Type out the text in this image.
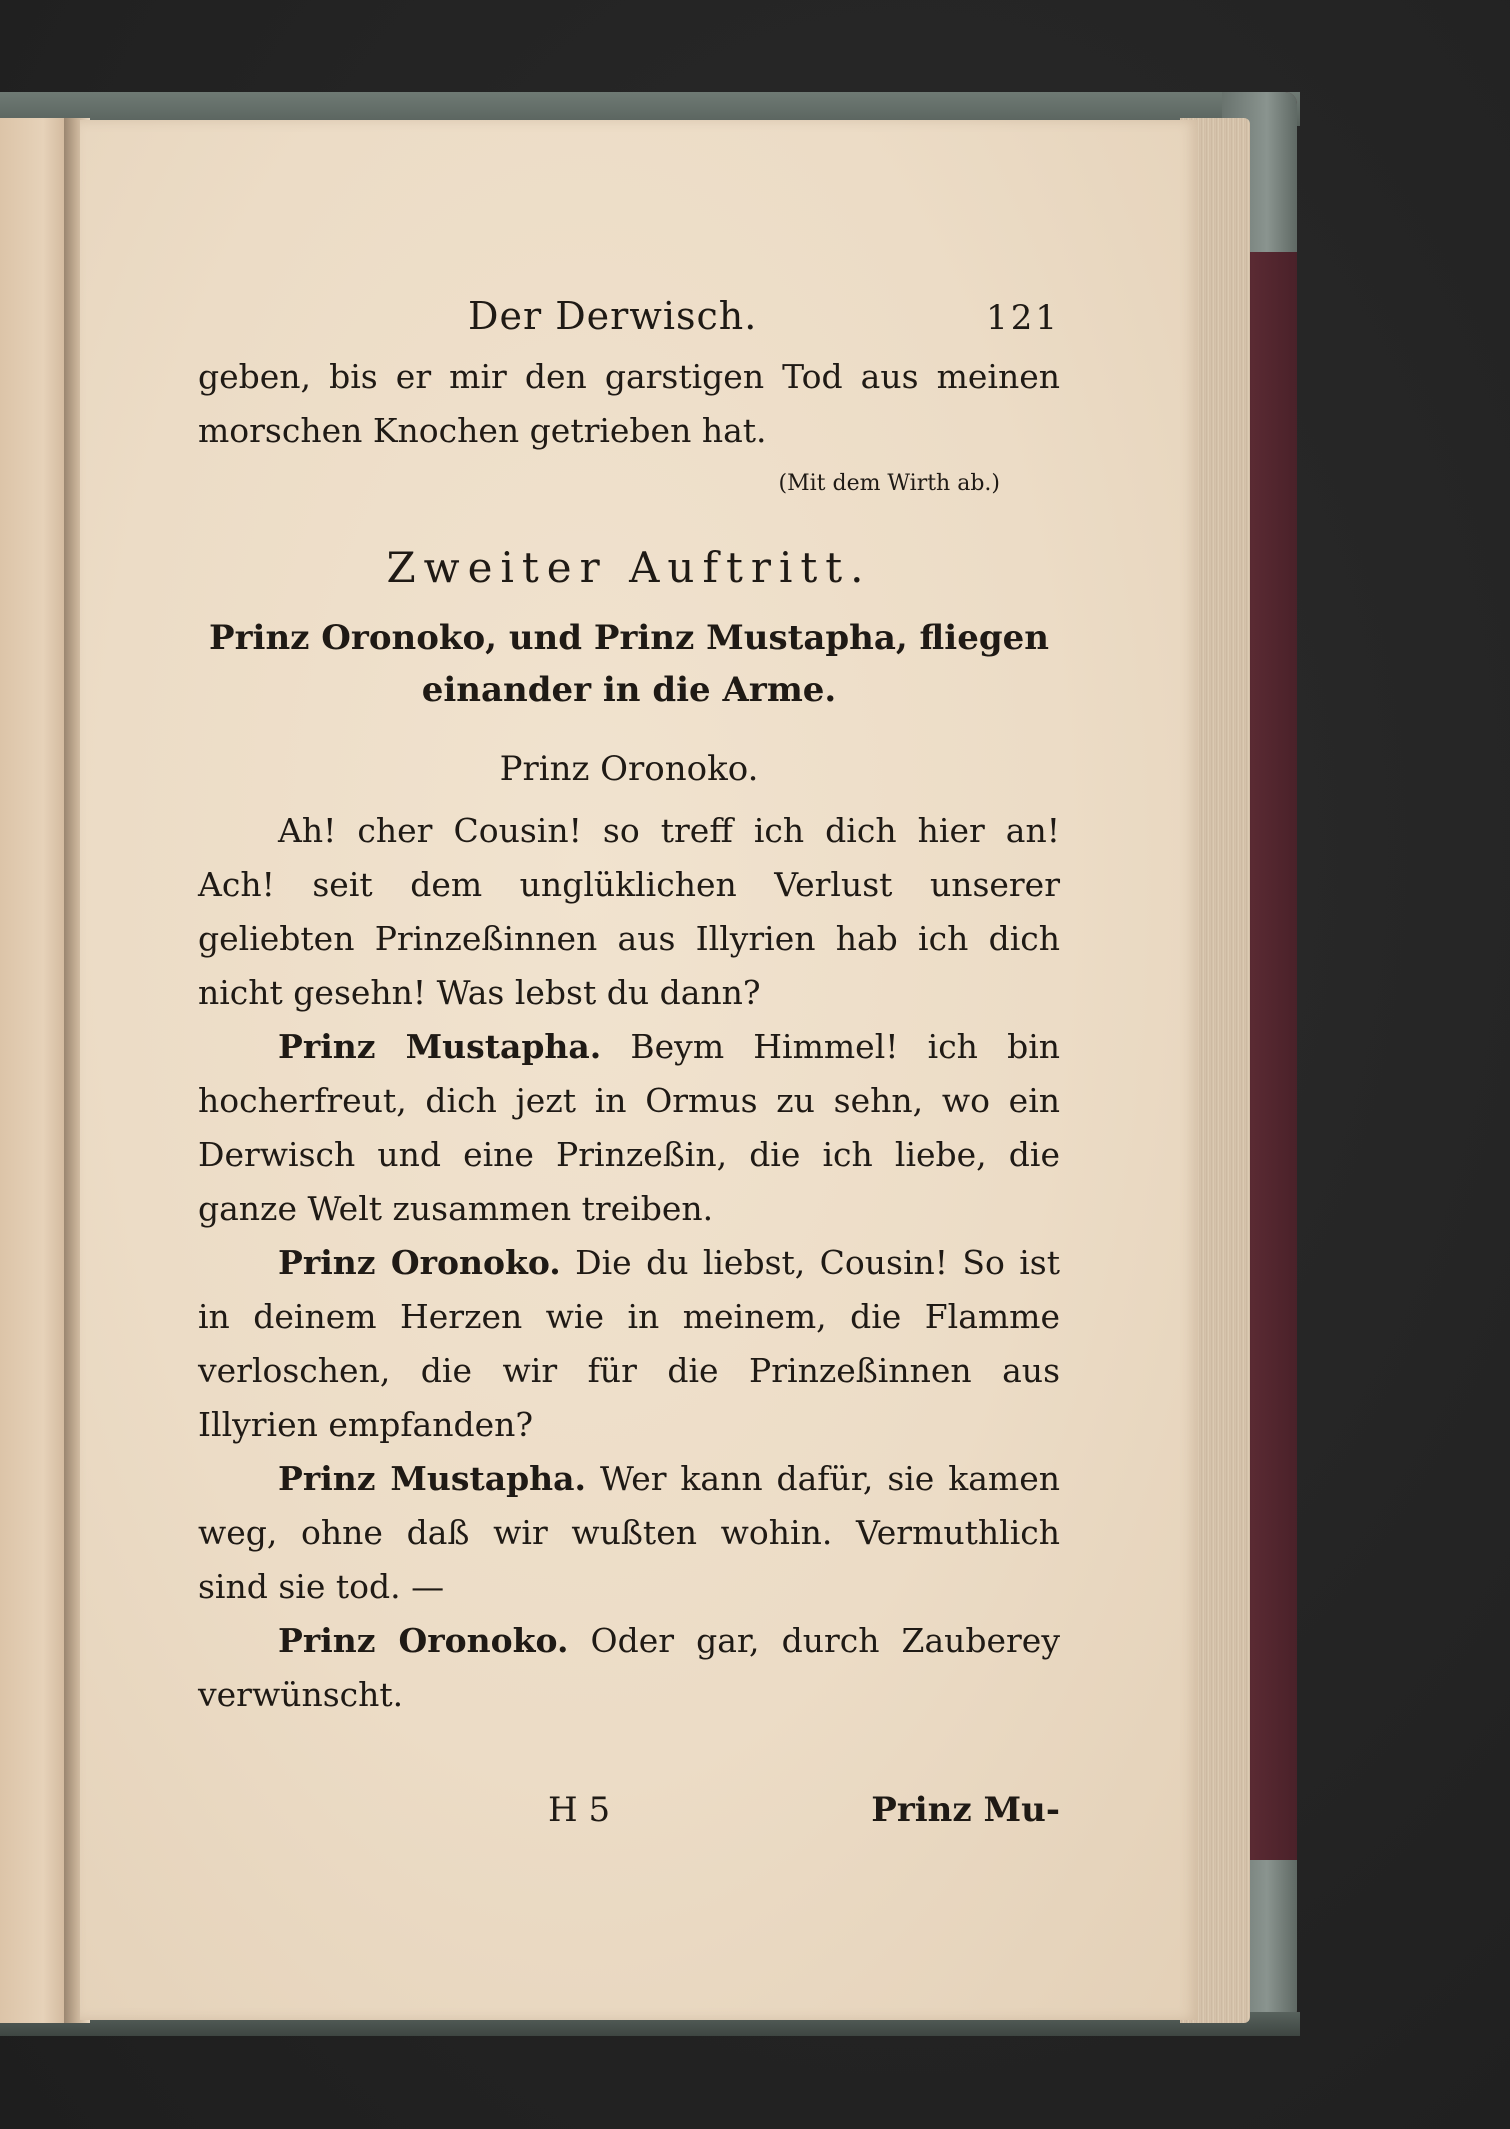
Der Derwisch.	121

geben, bis er mir den garstigen Tod aus meinen morschen Knochen getrieben hat.

(Mit dem Wirth ab.)

Zweiter Auftritt.

Prinz Oronoko, und Prinz Mustapha, fliegen einander in die Arme.

Prinz Oronoko.

Ah! cher Cousin! so treff ich dich hier an! Ach! seit dem unglüklichen Verlust unserer geliebten Prinzeßinnen aus Illyrien hab ich dich nicht gesehn! Was lebst du dann?

Prinz Mustapha. Beym Himmel! ich bin hocherfreut, dich jezt in Ormus zu sehn, wo ein Derwisch und eine Prinzeßin, die ich liebe, die ganze Welt zusammen treiben.

Prinz Oronoko. Die du liebst, Cousin! So ist in deinem Herzen wie in meinem, die Flamme verloschen, die wir für die Prinzeßinnen aus Illyrien empfanden?

Prinz Mustapha. Wer kann dafür, sie kamen weg, ohne daß wir wußten wohin. Vermuthlich sind sie tod. —

Prinz Oronoko. Oder gar, durch Zauberey verwünscht.

H 5	Prinz Mu-
